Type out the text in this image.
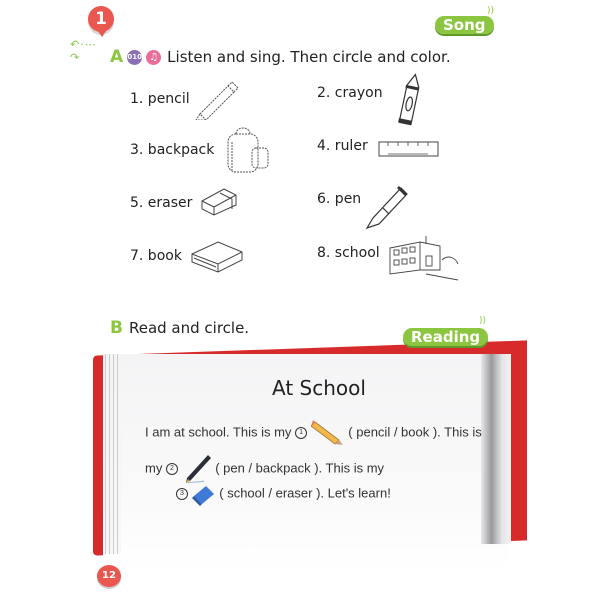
1
↶·⋯↷
Song
))
A 010 ♫ Listen and sing. Then circle and color.
1. pencil	2. crayon
3. backpack	4. ruler
5. eraser	6. pen
7. book	8. school
B Read and circle.	Reading
))
At School
I am at school. This is my 1	( pencil / book ). This is
my 2	( pen / backpack ). This is my
3	( school / eraser ). Let's learn!
12
